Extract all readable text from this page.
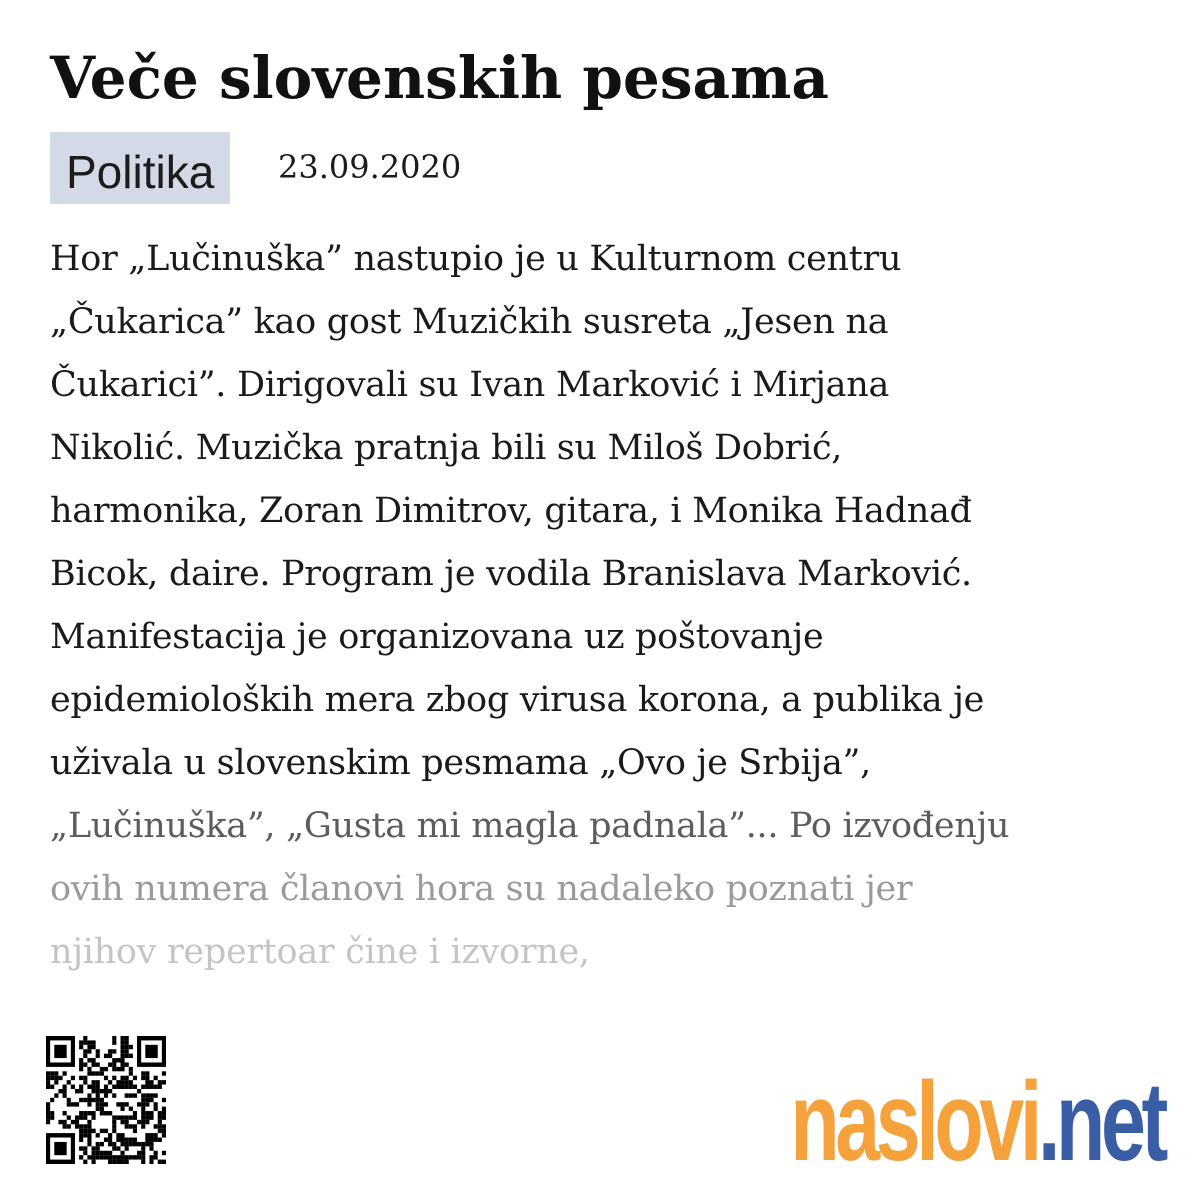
Veče slovenskih pesama
Politika	23.09.2020
Hor „Lučinuška” nastupio je u Kulturnom centru
„Čukarica” kao gost Muzičkih susreta „Jesen na
Čukarici”. Dirigovali su Ivan Marković i Mirjana
Nikolić. Muzička pratnja bili su Miloš Dobrić,
harmonika, Zoran Dimitrov, gitara, i Monika Hadnađ
Bicok, daire. Program je vodila Branislava Marković.
Manifestacija je organizovana uz poštovanje
epidemioloških mera zbog virusa korona, a publika je
uživala u slovenskim pesmama „Ovo je Srbija”,
„Lučinuška”, „Gusta mi magla padnala”... Po izvođenju
ovih numera članovi hora su nadaleko poznati jer
njihov repertoar čine i izvorne,
naslovi .net
